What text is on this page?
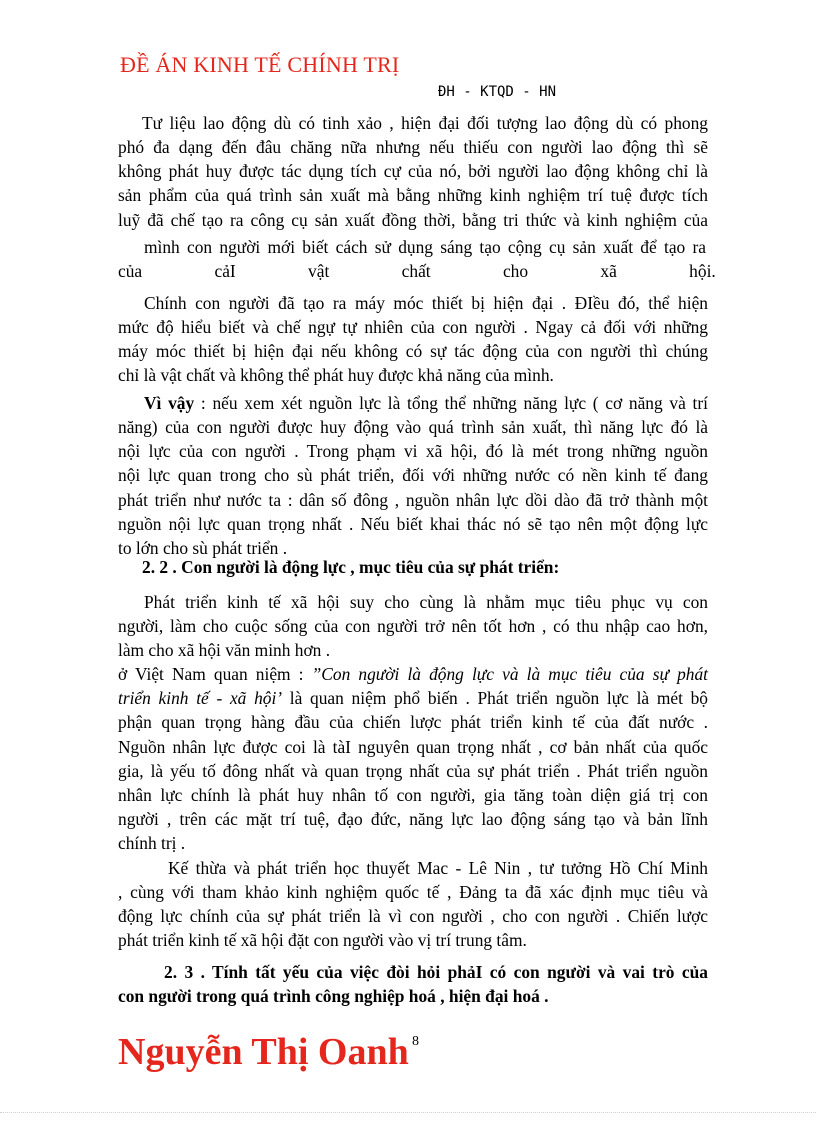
ĐỀ ÁN KINH TẾ CHÍNH TRỊ
ĐH - KTQD - HN
Tư liệu lao động dù có tinh xảo , hiện đại đối tượng lao động dù có phong
phó đa dạng đến đâu chăng nữa nhưng nếu thiếu con người lao động thì sẽ
không phát huy được tác dụng tích cự của nó, bởi người lao động không chỉ là
sản phẩm của quá trình sản xuất mà bằng những kinh nghiệm trí tuệ được tích
luỹ đã chế tạo ra công cụ sản xuất đồng thời, bằng tri thức và kinh nghiệm của
mình con người mới biết cách sử dụng sáng tạo cộng cụ sản xuất để tạo ra
của cảI vật chất cho xã hội.
Chính con người đã tạo ra máy móc thiết bị hiện đại . ĐIều đó, thể hiện
mức độ hiểu biết và chế ngự tự nhiên của con người . Ngay cả đối với những
máy móc thiết bị hiện đại nếu không có sự tác động của con người thì chúng
chỉ là vật chất và không thể phát huy được khả năng của mình.
Vì vậy : nếu xem xét nguồn lực là tổng thể những năng lực ( cơ năng và trí
năng) của con người được huy động vào quá trình sản xuất, thì năng lực đó là
nội lực của con người . Trong phạm vi xã hội, đó là mét trong những nguồn
nội lực quan trong cho sù phát triển, đối với những nước có nền kinh tế đang
phát triển như nước ta : dân số đông , nguồn nhân lực dồi dào đã trở thành một
nguồn nội lực quan trọng nhất . Nếu biết khai thác nó sẽ tạo nên một động lực
to lớn cho sù phát triển .
2. 2 . Con người là động lực , mục tiêu của sự phát triển:
Phát triển kinh tế xã hội suy cho cùng là nhằm mục tiêu phục vụ con
người, làm cho cuộc sống của con người trở nên tốt hơn , có thu nhập cao hơn,
làm cho xã hội văn minh hơn .
ở Việt Nam quan niệm : ”Con người là động lực và là mục tiêu của sự phát
triển kinh tế - xã hội’ là quan niệm phổ biến . Phát triển nguồn lực là mét bộ
phận quan trọng hàng đầu của chiến lược phát triển kinh tế của đất nước .
Nguồn nhân lực được coi là tàI nguyên quan trọng nhất , cơ bản nhất của quốc
gia, là yếu tố đông nhất và quan trọng nhất của sự phát triển . Phát triển nguồn
nhân lực chính là phát huy nhân tố con người, gia tăng toàn diện giá trị con
người , trên các mặt trí tuệ, đạo đức, năng lực lao động sáng tạo và bản lĩnh
chính trị .
Kế thừa và phát triển học thuyết Mac - Lê Nin , tư tưởng Hồ Chí Minh
, cùng với tham khảo kinh nghiệm quốc tế , Đảng ta đã xác định mục tiêu và
động lực chính của sự phát triển là vì con người , cho con người . Chiến lược
phát triển kinh tế xã hội đặt con người vào vị trí trung tâm.
2. 3 . Tính tất yếu của việc đòi hỏi phảI có con người và vai trò của
con người trong quá trình công nghiệp hoá , hiện đại hoá .
Nguyễn Thị Oanh 8
